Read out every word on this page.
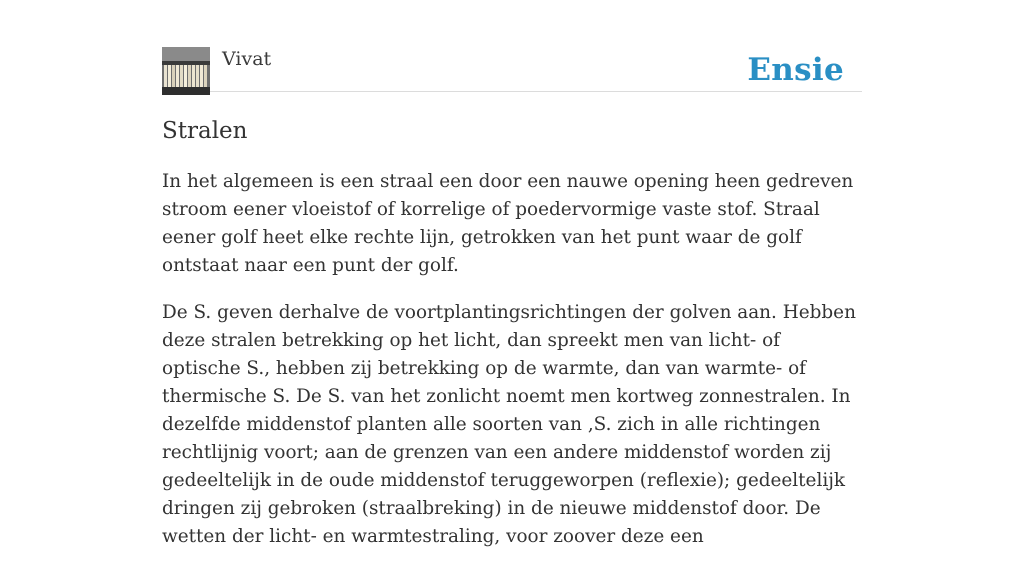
Vivat	Ensie
Stralen

In het algemeen is een straal een door een nauwe opening heen gedreven stroom eener vloeistof of korrelige of poedervormige vaste stof. Straal eener golf heet elke rechte lijn, getrokken van het punt waar de golf ontstaat naar een punt der golf.

De S. geven derhalve de voortplantingsrichtingen der golven aan. Hebben deze stralen betrekking op het licht, dan spreekt men van licht- of optische S., hebben zij betrekking op de warmte, dan van warmte- of thermische S. De S. van het zonlicht noemt men kortweg zonnestralen. In dezelfde middenstof planten alle soorten van ,S. zich in alle richtingen rechtlijnig voort; aan de grenzen van een andere middenstof worden zij gedeeltelijk in de oude middenstof teruggeworpen (reflexie); gedeeltelijk dringen zij gebroken (straalbreking) in de nieuwe middenstof door. De wetten der licht- en warmtestraling, voor zoover deze een
